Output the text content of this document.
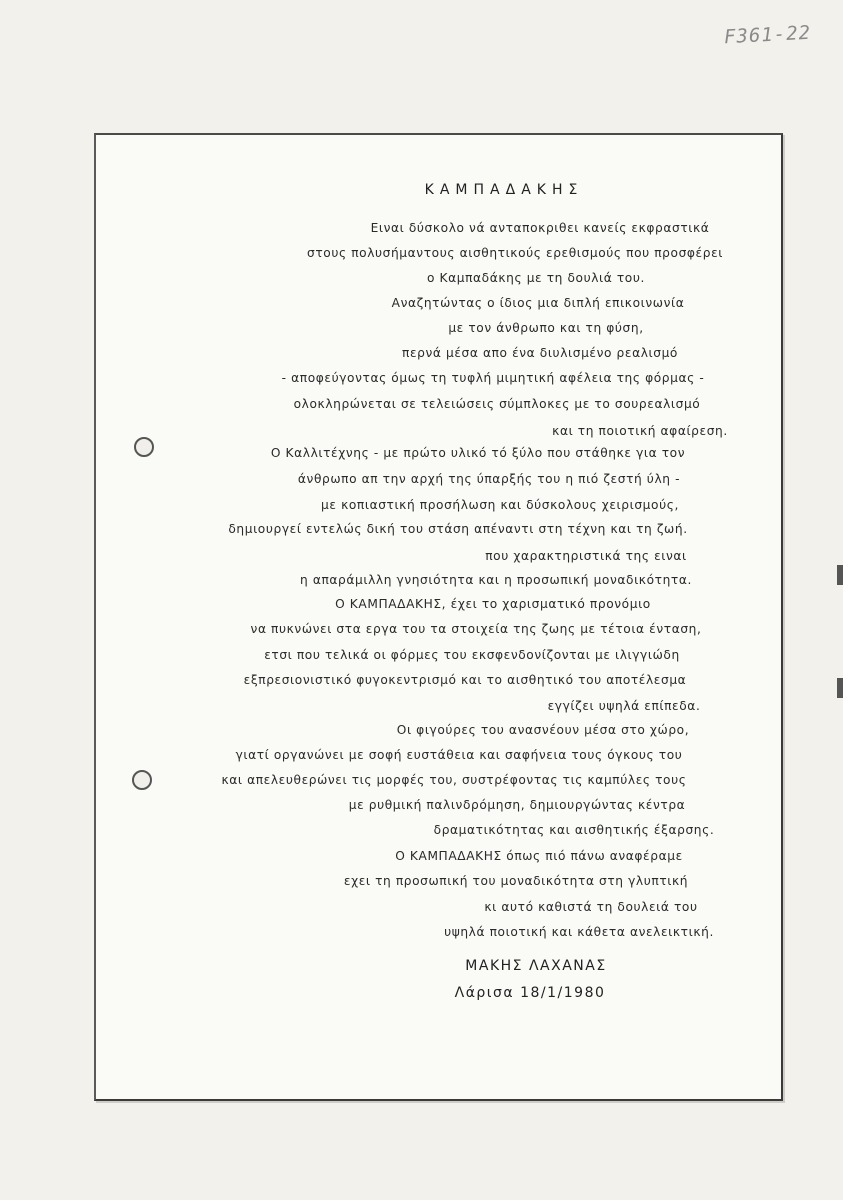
F361-22
ΚΑΜΠΑΔΑΚΗΣ
Ειναι δύσκολο νά ανταποκριθει κανείς εκφραστικά
στους πολυσήμαντους αισθητικούς ερεθισμούς που προσφέρει
ο Καμπαδάκης με τη δουλιά του.
Αναζητώντας ο ίδιος μια διπλή επικοινωνία
με τον άνθρωπο και τη φύση,
περνά μέσα απο ένα διυλισμένο ρεαλισμό
- αποφεύγοντας όμως τη τυφλή μιμητική αφέλεια της φόρμας -
ολοκληρώνεται σε τελειώσεις σύμπλοκες με το σουρεαλισμό
και τη ποιοτική αφαίρεση.
Ο Καλλιτέχνης - με πρώτο υλικό τό ξύλο που στάθηκε για τον
άνθρωπο απ την αρχή της ύπαρξής του η πιό ζεστή ύλη -
με κοπιαστική προσήλωση και δύσκολους χειρισμούς,
δημιουργεί εντελώς δική του στάση απέναντι στη τέχνη και τη ζωή.
που χαρακτηριστικά της ειναι
η απαράμιλλη γνησιότητα και η προσωπική μοναδικότητα.
Ο ΚΑΜΠΑΔΑΚΗΣ, έχει το χαρισματικό προνόμιο
να πυκνώνει στα εργα του τα στοιχεία της ζωης με τέτοια ένταση,
ετσι που τελικά οι φόρμες του εκσφενδονίζονται με ιλιγγιώδη
εξπρεσιονιστικό φυγοκεντρισμό και το αισθητικό του αποτέλεσμα
εγγίζει υψηλά επίπεδα.
Οι φιγούρες του ανασνέουν μέσα στο χώρο,
γιατί οργανώνει με σοφή ευστάθεια και σαφήνεια τους όγκους του
και απελευθερώνει τις μορφές του, συστρέφοντας τις καμπύλες τους
με ρυθμική παλινδρόμηση, δημιουργώντας κέντρα
δραματικότητας και αισθητικής έξαρσης.
Ο ΚΑΜΠΑΔΑΚΗΣ όπως πιό πάνω αναφέραμε
εχει τη προσωπική του μοναδικότητα στη γλυπτική
κι αυτό καθιστά τη δουλειά του
υψηλά ποιοτική και κάθετα ανελεικτική.
ΜΑΚΗΣ ΛΑΧΑΝΑΣ
Λάρισα 18/1/1980
